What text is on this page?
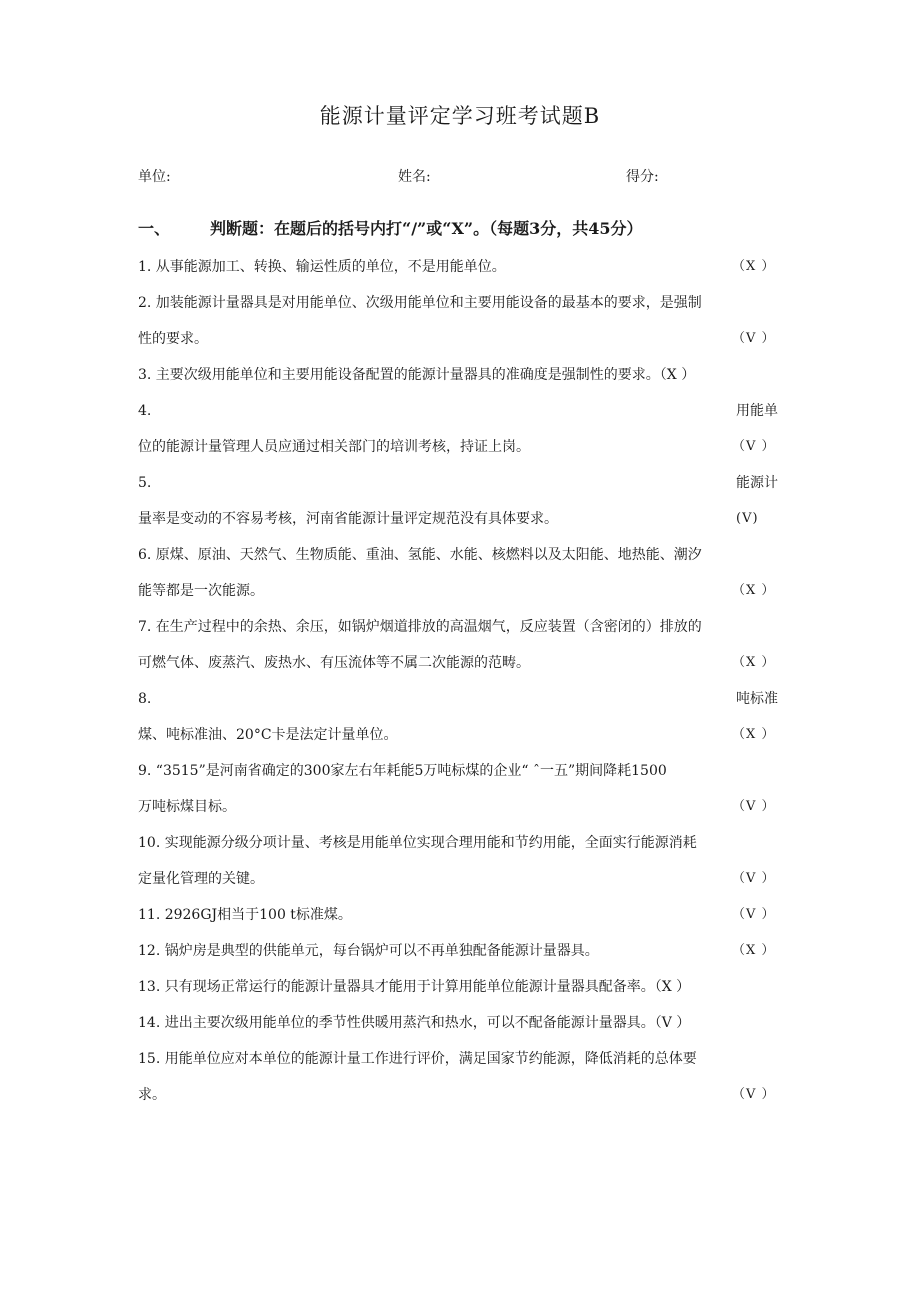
能源计量评定学习班考试题B
单位:	姓名:	得分:
一、 判断题：在题后的括号内打“/”或“X”。（每题3分，共45分）
1. 从事能源加工、转换、输运性质的单位，不是用能单位。	（X ）
2. 加装能源计量器具是对用能单位、次级用能单位和主要用能设备的最基本的要求，是强制
性的要求。	（V ）
3. 主要次级用能单位和主要用能设备配置的能源计量器具的准确度是强制性的要求。（X ）
4.	用能单
位的能源计量管理人员应通过相关部门的培训考核，持证上岗。	（V ）
5.	能源计
量率是变动的不容易考核，河南省能源计量评定规范没有具体要求。	(V)
6. 原煤、原油、天然气、生物质能、重油、氢能、水能、核燃料以及太阳能、地热能、潮汐
能等都是一次能源。	（X ）
7. 在生产过程中的余热、余压，如锅炉烟道排放的高温烟气，反应装置（含密闭的）排放的
可燃气体、废蒸汽、废热水、有压流体等不属二次能源的范畴。	（X ）
8.	吨标准
煤、吨标准油、20°C卡是法定计量单位。	（X ）
9. “3515”是河南省确定的300家左右年耗能5万吨标煤的企业“ ˆ一五”期间降耗1500
万吨标煤目标。	（V ）
10. 实现能源分级分项计量、考核是用能单位实现合理用能和节约用能，全面实行能源消耗
定量化管理的关键。	（V ）
11. 2926GJ相当于100 t标准煤。	（V ）
12. 锅炉房是典型的供能单元，每台锅炉可以不再单独配备能源计量器具。	（X ）
13. 只有现场正常运行的能源计量器具才能用于计算用能单位能源计量器具配备率。（X ）
14. 进出主要次级用能单位的季节性供暖用蒸汽和热水，可以不配备能源计量器具。（V ）
15. 用能单位应对本单位的能源计量工作进行评价，满足国家节约能源，降低消耗的总体要
求。	（V ）
